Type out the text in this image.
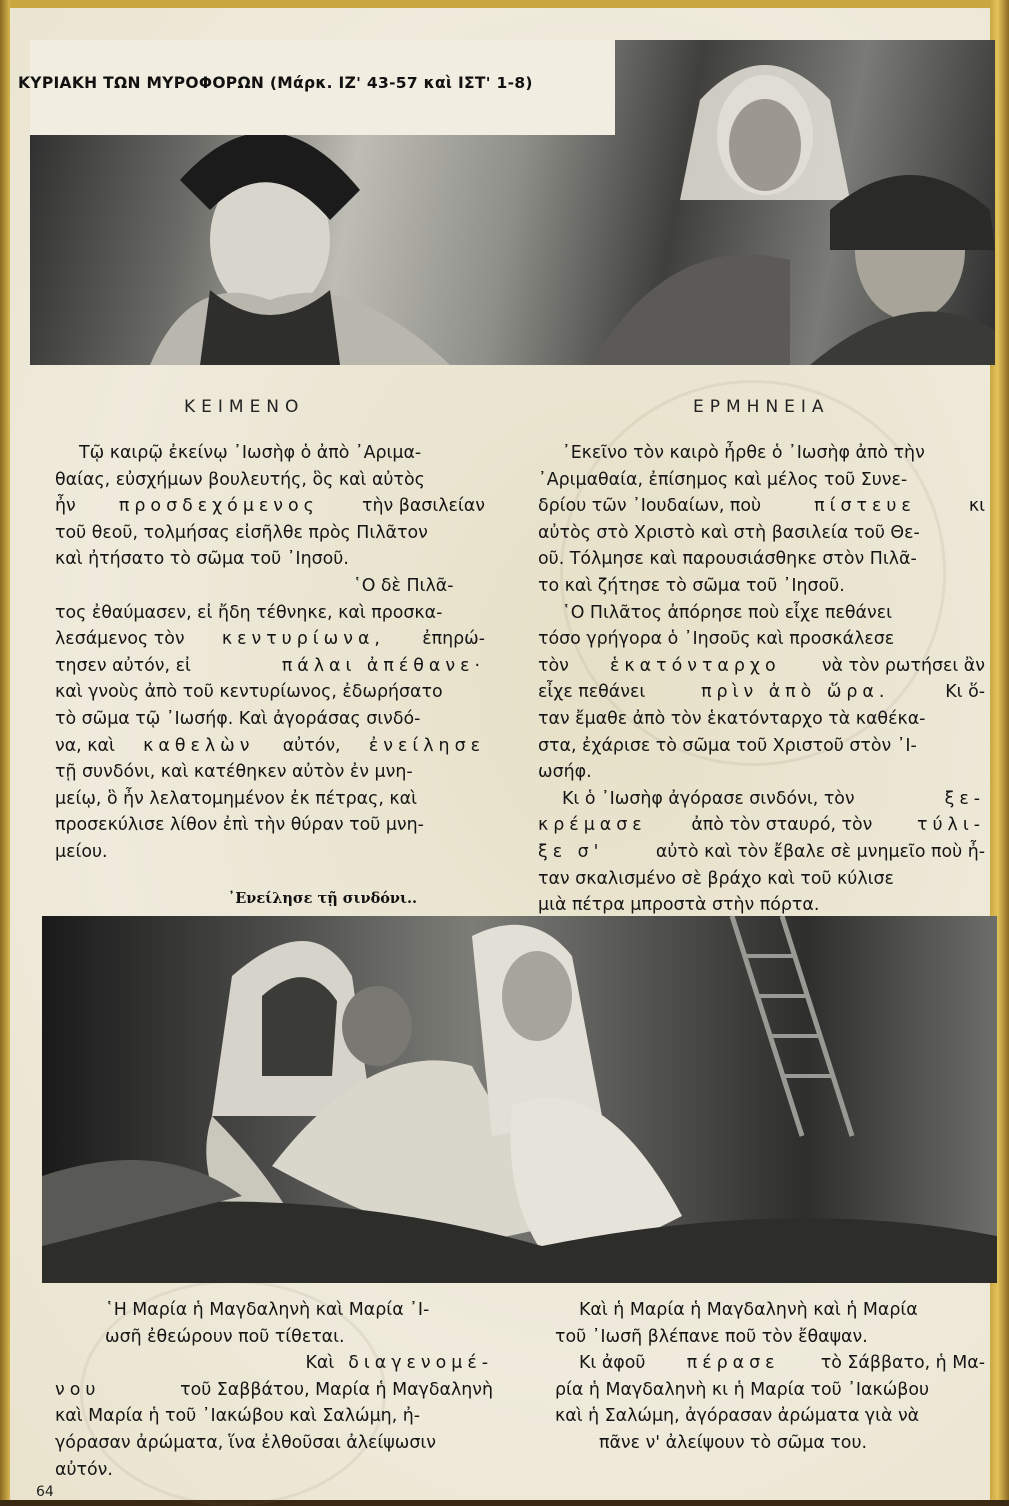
ΚΥΡΙΑΚΗ ΤΩΝ ΜΥΡΟΦΟΡΩΝ (Μάρκ. ΙΖ' 43-57 καὶ ΙΣΤ' 1-8)
ΚΕΙΜΕΝΟ	ΕΡΜΗΝΕΙΑ

Τῷ καιρῷ ἐκείνῳ ᾿Ιωσὴφ ὁ ἀπὸ ᾿Αριμα-

θαίας, εὐσχήμων βουλευτής, ὃς καὶ αὐτὸς

ἦν προσδεχόμενος τὴν βασιλείαν

τοῦ θεοῦ, τολμήσας εἰσῆλθε πρὸς Πιλᾶτον

καὶ ἠτήσατο τὸ σῶμα τοῦ ᾿Ιησοῦ.

῾Ο δὲ Πιλᾶ-

τος ἐθαύμασεν, εἰ ἤδη τέθνηκε, καὶ προσκα-

λεσάμενος τὸν κεντυρίωνα, ἐπηρώ-

τησεν αὐτόν, εἰ	πάλαι ἀπέθανε·

καὶ γνοὺς ἀπὸ τοῦ κεντυρίωνος, ἐδωρήσατο

τὸ σῶμα τῷ ᾿Ιωσήφ. Καὶ ἀγοράσας σινδό-

να, καὶ καθελὼν αὐτόν, ἐνείλησε

τῇ συνδόνι, καὶ κατέθηκεν αὐτὸν ἐν μνη-

μείῳ, ὃ ἦν λελατομημένον ἐκ πέτρας, καὶ

προσεκύλισε λίθον ἐπὶ τὴν θύραν τοῦ μνη-

μείου.

᾿Εκεῖνο τὸν καιρὸ ἦρθε ὁ ᾿Ιωσὴφ ἀπὸ τὴν

᾿Αριμαθαία, ἐπίσημος καὶ μέλος τοῦ Συνε-

δρίου τῶν ᾿Ιουδαίων, ποὺ	πίστευε	κι

αὐτὸς στὸ Χριστὸ καὶ στὴ βασιλεία τοῦ Θε-

οῦ. Τόλμησε καὶ παρουσιάσθηκε στὸν Πιλᾶ-

το καὶ ζήτησε τὸ σῶμα τοῦ ᾿Ιησοῦ.

῾Ο Πιλᾶτος ἀπόρησε ποὺ εἶχε πεθάνει

τόσο γρήγορα ὁ ᾿Ιησοῦς καὶ προσκάλεσε

τὸν ἑκατόνταρχο νὰ τὸν ρωτήσει ἂν

εἶχε πεθάνει	πρὶν ἀπὸ ὥρα.	Κι ὅ-

ταν ἔμαθε ἀπὸ τὸν ἑκατόνταρχο τὰ καθέκα-

στα, ἐχάρισε τὸ σῶμα τοῦ Χριστοῦ στὸν ᾿Ι-

ωσήφ.

Κι ὁ ᾿Ιωσὴφ ἀγόρασε σινδόνι, τὸν	ξε-

κρέμασε	ἀπὸ τὸν σταυρό, τὸν	τύλι-

ξε σ'	αὐτὸ καὶ τὸν ἔβαλε σὲ μνημεῖο ποὺ ἦ-

ταν σκαλισμένο σὲ βράχο καὶ τοῦ κύλισε

μιὰ πέτρα μπροστὰ στὴν πόρτα.

᾿Ενείλησε τῇ σινδόνι..

῾Η Μαρία ἡ Μαγδαληνὴ καὶ Μαρία ᾿Ι-

ωσῆ ἐθεώρουν ποῦ τίθεται.

Καὶ διαγενομέ-

νου	τοῦ Σαββάτου, Μαρία ἡ Μαγδαληνὴ

καὶ Μαρία ἡ τοῦ ᾿Ιακώβου καὶ Σαλώμη, ἠ-

γόρασαν ἀρώματα, ἵνα ἐλθοῦσαι ἀλείψωσιν

αὐτόν.

Καὶ ἡ Μαρία ἡ Μαγδαληνὴ καὶ ἡ Μαρία

τοῦ ᾿Ιωσῆ βλέπανε ποῦ τὸν ἔθαψαν.

Κι ἀφοῦ πέρασε τὸ Σάββατο, ἡ Μα-

ρία ἡ Μαγδαληνὴ κι ἡ Μαρία τοῦ ᾿Ιακώβου

καὶ ἡ Σαλώμη, ἀγόρασαν ἀρώματα γιὰ νὰ

πᾶνε ν' ἀλείψουν τὸ σῶμα του.

64
